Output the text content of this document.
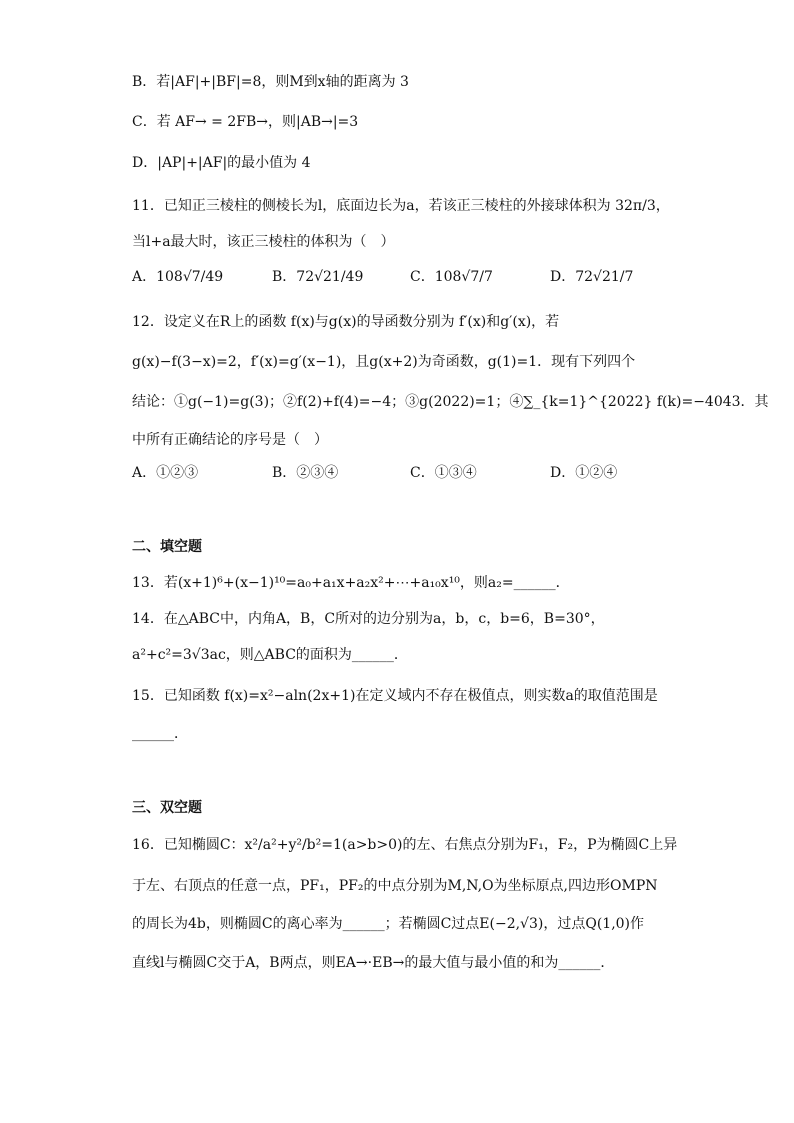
B．若|AF|+|BF|=8，则M到x轴的距离为 3
C．若 AF→ = 2FB→，则|AB→|=3
D．|AP|+|AF|的最小值为 4
11．已知正三棱柱的侧棱长为l，底面边长为a，若该正三棱柱的外接球体积为 32π/3，
当l+a最大时，该正三棱柱的体积为（　）
A．108√7/49	B．72√21/49	C．108√7/7	D．72√21/7
12．设定义在R上的函数 f(x)与g(x)的导函数分别为 f′(x)和g′(x)，若
g(x)−f(3−x)=2，f′(x)=g′(x−1)，且g(x+2)为奇函数，g(1)=1．现有下列四个
结论：①g(−1)=g(3)；②f(2)+f(4)=−4；③g(2022)=1；④∑_{k=1}^{2022} f(k)=−4043．其
中所有正确结论的序号是（　）
A．①②③	B．②③④	C．①③④	D．①②④
二、填空题
13．若(x+1)⁶+(x−1)¹⁰=a₀+a₁x+a₂x²+⋯+a₁₀x¹⁰，则a₂=______．
14．在△ABC中，内角A，B，C所对的边分别为a，b，c，b=6，B=30°，
a²+c²=3√3ac，则△ABC的面积为______．
15．已知函数 f(x)=x²−aln(2x+1)在定义域内不存在极值点，则实数a的取值范围是
______．
三、双空题
16．已知椭圆C：x²/a²+y²/b²=1(a>b>0)的左、右焦点分别为F₁，F₂，P为椭圆C上异
于左、右顶点的任意一点，PF₁，PF₂的中点分别为M,N,O为坐标原点,四边形OMPN
的周长为4b，则椭圆C的离心率为______；若椭圆C过点E(−2,√3)，过点Q(1,0)作
直线l与椭圆C交于A，B两点，则EA→·EB→的最大值与最小值的和为______．
